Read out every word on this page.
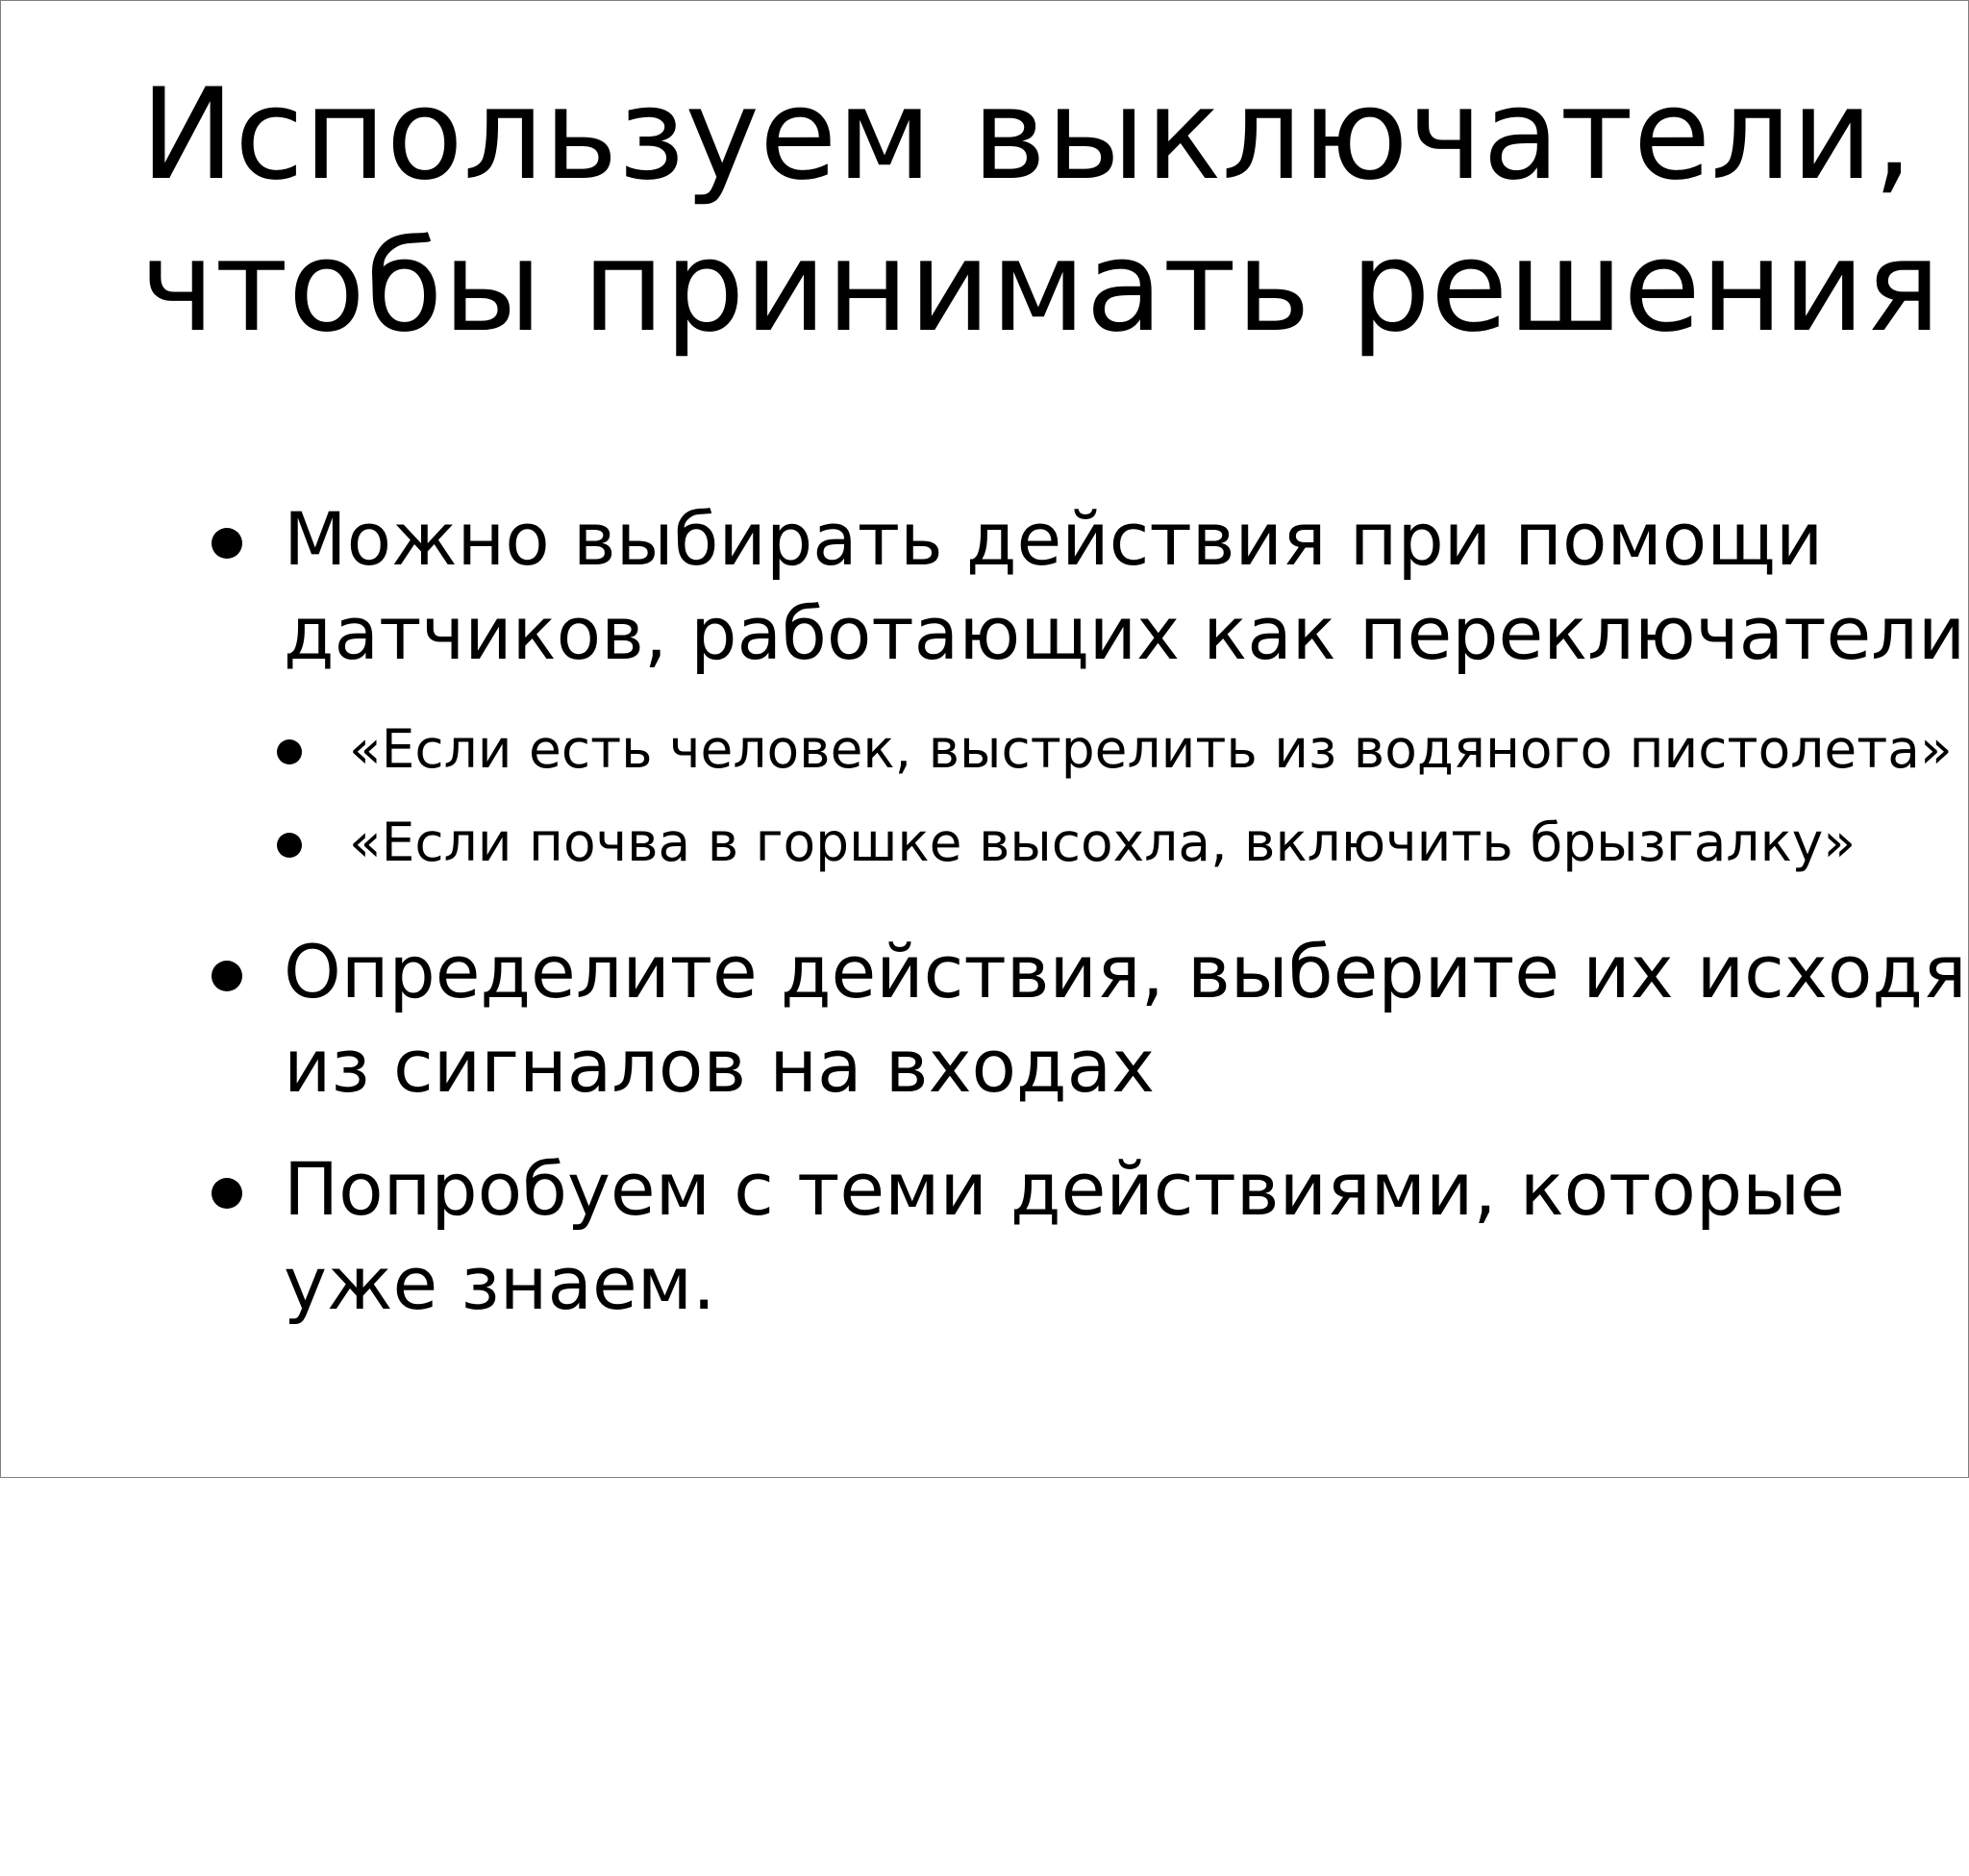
Используем выключатели,
чтобы принимать решения
Можно выбирать действия при помощи
датчиков, работающих как переключатели
«Если есть человек, выстрелить из водяного пистолета»
«Если почва в горшке высохла, включить брызгалку»
Определите действия, выберите их исходя
из сигналов на входах
Попробуем с теми действиями, которые
уже знаем.
